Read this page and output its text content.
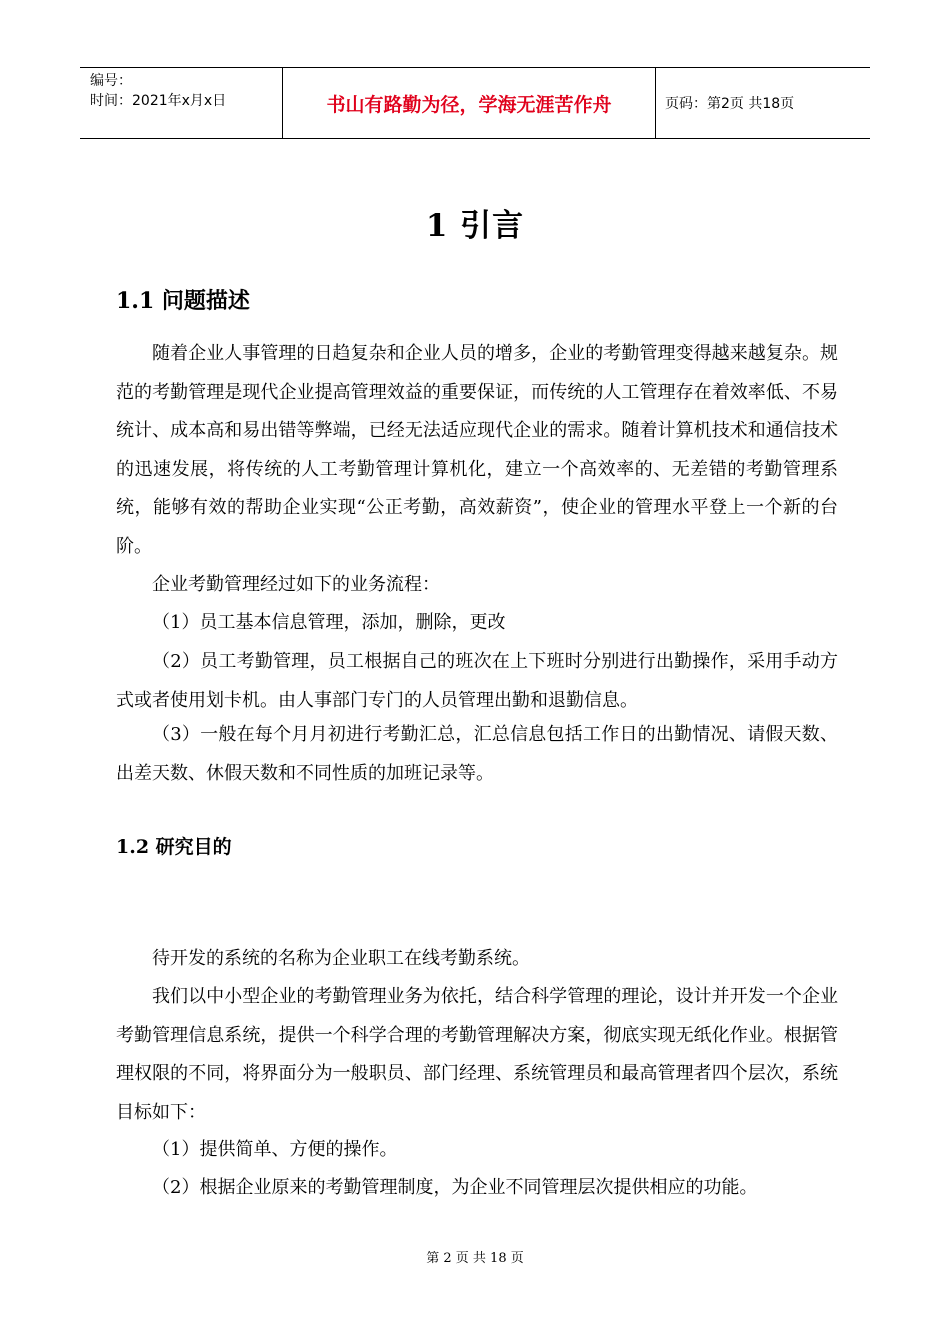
编号：
时间：2021年x月x日	书山有路勤为径，学海无涯苦作舟	页码：第2页 共18页
1 引言
1.1 问题描述

随着企业人事管理的日趋复杂和企业人员的增多，企业的考勤管理变得越来越复杂。规范的考勤管理是现代企业提高管理效益的重要保证，而传统的人工管理存在着效率低、不易统计、成本高和易出错等弊端，已经无法适应现代企业的需求。随着计算机技术和通信技术的迅速发展，将传统的人工考勤管理计算机化，建立一个高效率的、无差错的考勤管理系统，能够有效的帮助企业实现“公正考勤，高效薪资”，使企业的管理水平登上一个新的台阶。

企业考勤管理经过如下的业务流程：

（1）员工基本信息管理，添加，删除，更改

（2）员工考勤管理，员工根据自己的班次在上下班时分别进行出勤操作，采用手动方式或者使用划卡机。由人事部门专门的人员管理出勤和退勤信息。

（3）一般在每个月月初进行考勤汇总，汇总信息包括工作日的出勤情况、请假天数、出差天数、休假天数和不同性质的加班记录等。

1.2 研究目的

待开发的系统的名称为企业职工在线考勤系统。

我们以中小型企业的考勤管理业务为依托，结合科学管理的理论，设计并开发一个企业考勤管理信息系统，提供一个科学合理的考勤管理解决方案，彻底实现无纸化作业。根据管理权限的不同，将界面分为一般职员、部门经理、系统管理员和最高管理者四个层次，系统目标如下：

（1）提供简单、方便的操作。

（2）根据企业原来的考勤管理制度，为企业不同管理层次提供相应的功能。

第 2 页 共 18 页
